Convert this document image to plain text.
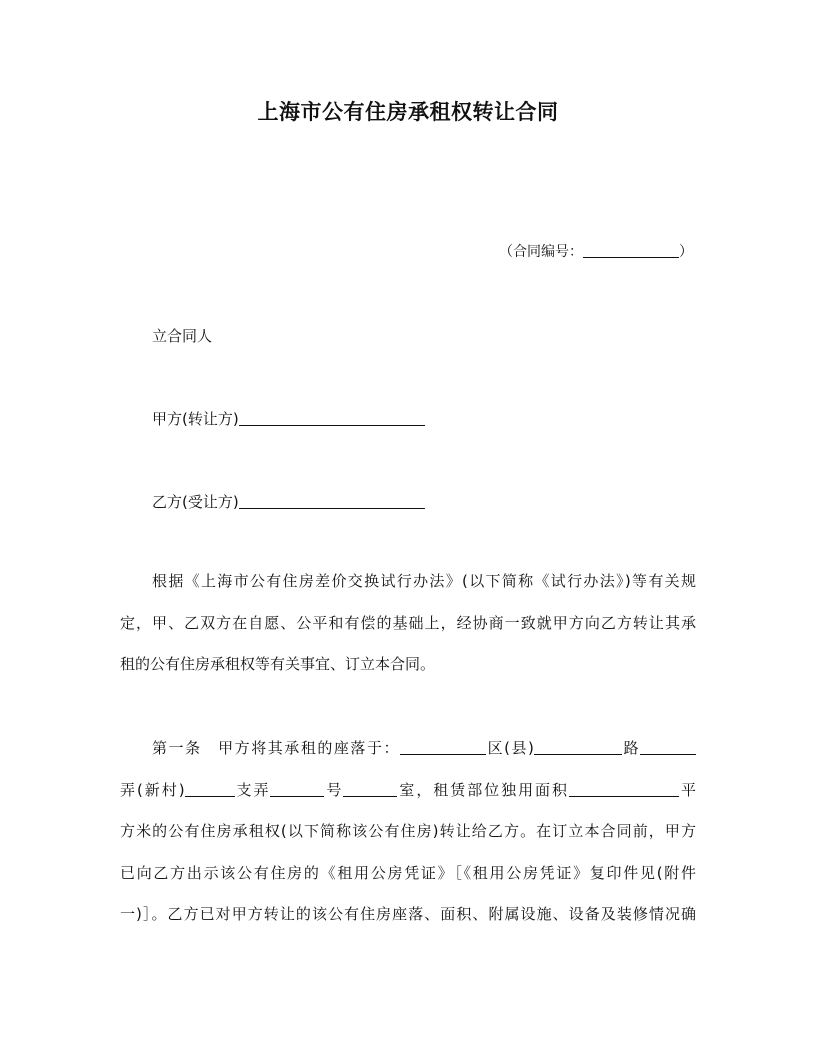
上海市公有住房承租权转让合同
（合同编号：	）
立合同人
甲方(转让方)
乙方(受让方)
根据《上海市公有住房差价交换试行办法》(以下简称《试行办法》)等有关规
定，甲、乙双方在自愿、公平和有偿的基础上，经协商一致就甲方向乙方转让其承
租的公有住房承租权等有关事宜、订立本合同。
第一条　甲方将其承租的座落于：	区(县)	路
弄(新村)	支弄	号	室，租赁部位独用面积	平
方米的公有住房承租权(以下简称该公有住房)转让给乙方。在订立本合同前，甲方
已向乙方出示该公有住房的《租用公房凭证》［《租用公房凭证》复印件见(附件
一)］。乙方已对甲方转让的该公有住房座落、面积、附属设施、设备及装修情况确
